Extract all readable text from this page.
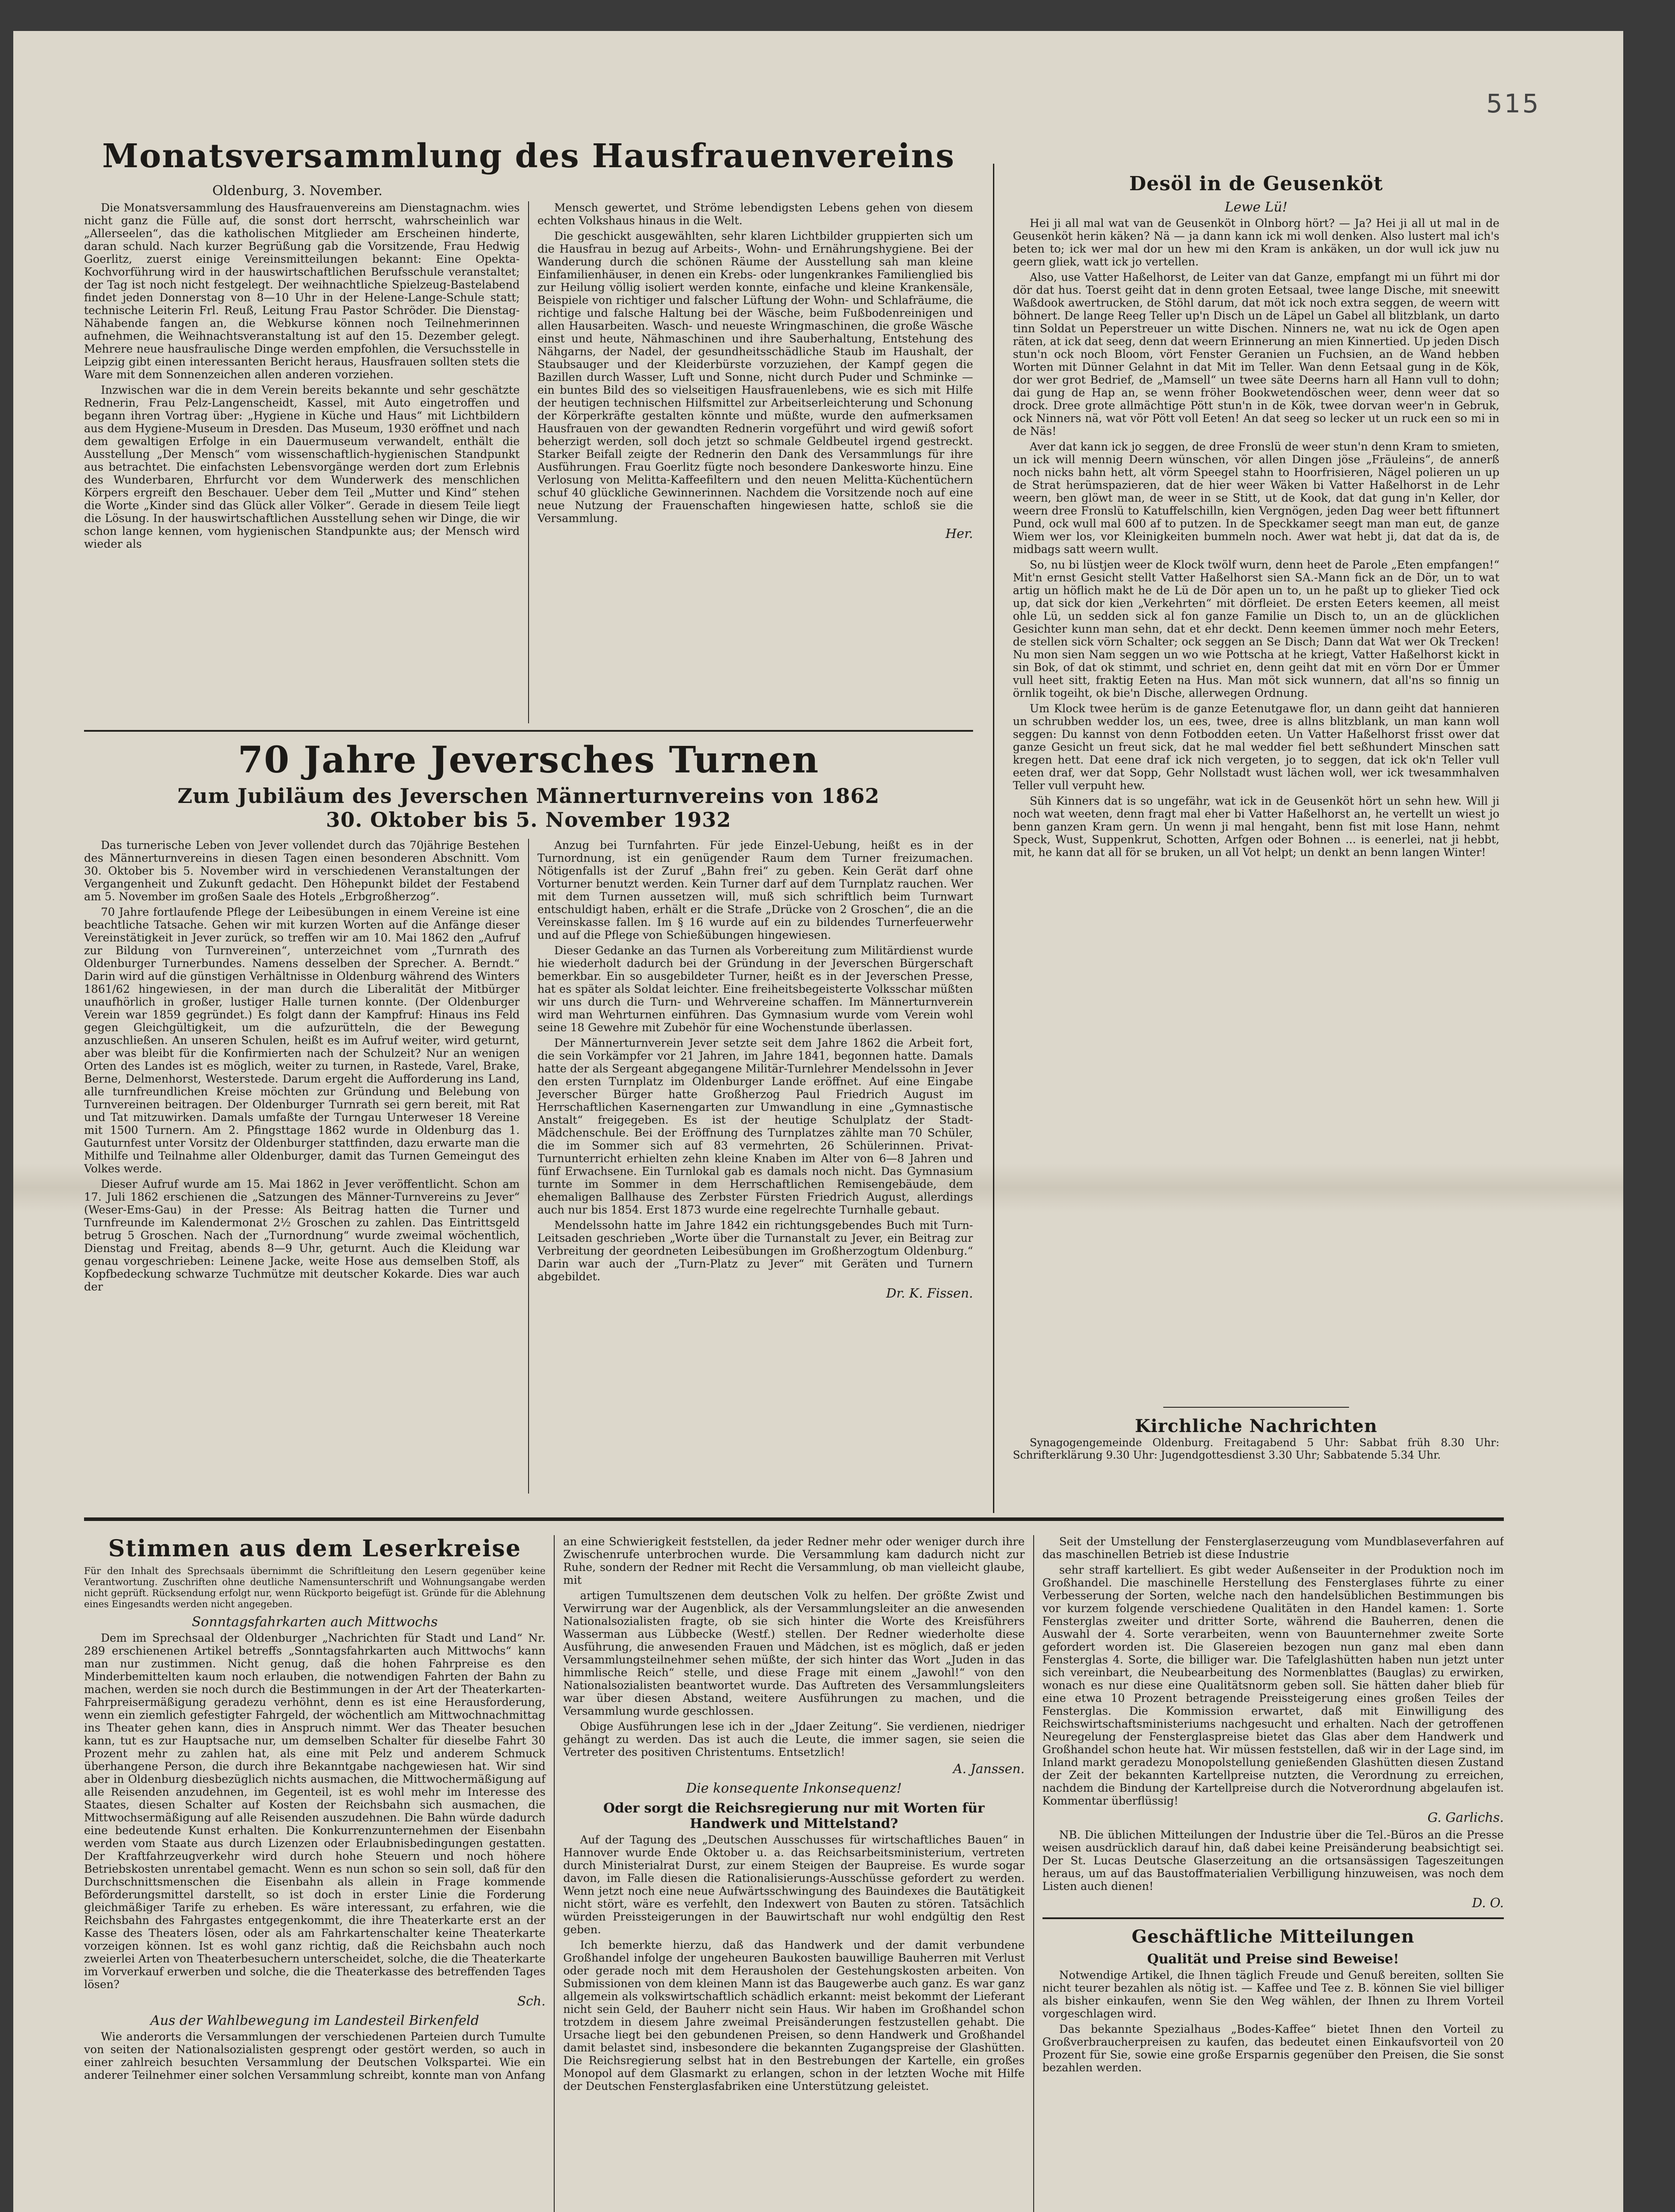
515
Monatsversammlung des Hausfrauenvereins
Oldenburg, 3. November.

Die Monatsversammlung des Hausfrauenvereins am Dienstagnachm. wies nicht ganz die Fülle auf, die sonst dort herrscht, wahrscheinlich war „Allerseelen“, das die katholischen Mitglieder am Erscheinen hinderte, daran schuld. Nach kurzer Begrüßung gab die Vorsitzende, Frau Hedwig Goerlitz, zuerst einige Vereinsmitteilungen bekannt: Eine Opekta-Kochvorführung wird in der hauswirtschaftlichen Berufsschule veranstaltet; der Tag ist noch nicht festgelegt. Der weihnachtliche Spielzeug-Bastelabend findet jeden Donnerstag von 8—10 Uhr in der Helene-Lange-Schule statt; technische Leiterin Frl. Reuß, Leitung Frau Pastor Schröder. Die Dienstag-Nähabende fangen an, die Webkurse können noch Teilnehmerinnen aufnehmen, die Weihnachtsveranstaltung ist auf den 15. Dezember gelegt. Mehrere neue hausfraulische Dinge werden empfohlen, die Versuchsstelle in Leipzig gibt einen interessanten Bericht heraus, Hausfrauen sollten stets die Ware mit dem Sonnenzeichen allen anderen vorziehen.

Inzwischen war die in dem Verein bereits bekannte und sehr geschätzte Rednerin, Frau Pelz-Langenscheidt, Kassel, mit Auto eingetroffen und begann ihren Vortrag über: „Hygiene in Küche und Haus“ mit Lichtbildern aus dem Hygiene-Museum in Dresden. Das Museum, 1930 eröffnet und nach dem gewaltigen Erfolge in ein Dauermuseum verwandelt, enthält die Ausstellung „Der Mensch“ vom wissenschaftlich-hygienischen Standpunkt aus betrachtet. Die einfachsten Lebensvorgänge werden dort zum Erlebnis des Wunderbaren, Ehrfurcht vor dem Wunderwerk des menschlichen Körpers ergreift den Beschauer. Ueber dem Teil „Mutter und Kind“ stehen die Worte „Kinder sind das Glück aller Völker“. Gerade in diesem Teile liegt die Lösung. In der hauswirtschaftlichen Ausstellung sehen wir Dinge, die wir schon lange kennen, vom hygienischen Standpunkte aus; der Mensch wird wieder als

Mensch gewertet, und Ströme lebendigsten Lebens gehen von diesem echten Volkshaus hinaus in die Welt.

Die geschickt ausgewählten, sehr klaren Lichtbilder gruppierten sich um die Hausfrau in bezug auf Arbeits-, Wohn- und Ernährungshygiene. Bei der Wanderung durch die schönen Räume der Ausstellung sah man kleine Einfamilienhäuser, in denen ein Krebs- oder lungenkrankes Familienglied bis zur Heilung völlig isoliert werden konnte, einfache und kleine Krankensäle, Beispiele von richtiger und falscher Lüftung der Wohn- und Schlafräume, die richtige und falsche Haltung bei der Wäsche, beim Fußbodenreinigen und allen Hausarbeiten. Wasch- und neueste Wringmaschinen, die große Wäsche einst und heute, Nähmaschinen und ihre Sauberhaltung, Entstehung des Nähgarns, der Nadel, der gesundheitsschädliche Staub im Haushalt, der Staubsauger und der Kleiderbürste vorzuziehen, der Kampf gegen die Bazillen durch Wasser, Luft und Sonne, nicht durch Puder und Schminke — ein buntes Bild des so vielseitigen Hausfrauenlebens, wie es sich mit Hilfe der heutigen technischen Hilfsmittel zur Arbeitserleichterung und Schonung der Körperkräfte gestalten könnte und müßte, wurde den aufmerksamen Hausfrauen von der gewandten Rednerin vorgeführt und wird gewiß sofort beherzigt werden, soll doch jetzt so schmale Geldbeutel irgend gestreckt. Starker Beifall zeigte der Rednerin den Dank des Versammlungs für ihre Ausführungen. Frau Goerlitz fügte noch besondere Dankesworte hinzu. Eine Verlosung von Melitta-Kaffeefiltern und den neuen Melitta-Küchentüchern schuf 40 glückliche Gewinnerinnen. Nachdem die Vorsitzende noch auf eine neue Nutzung der Frauenschaften hingewiesen hatte, schloß sie die Versammlung.

Her.
70 Jahre Jeversches Turnen
Zum Jubiläum des Jeverschen Männerturnvereins von 1862
30. Oktober bis 5. November 1932

Das turnerische Leben von Jever vollendet durch das 70jährige Bestehen des Männerturnvereins in diesen Tagen einen besonderen Abschnitt. Vom 30. Oktober bis 5. November wird in verschiedenen Veranstaltungen der Vergangenheit und Zukunft gedacht. Den Höhepunkt bildet der Festabend am 5. November im großen Saale des Hotels „Erbgroßherzog“.

70 Jahre fortlaufende Pflege der Leibesübungen in einem Vereine ist eine beachtliche Tatsache. Gehen wir mit kurzen Worten auf die Anfänge dieser Vereinstätigkeit in Jever zurück, so treffen wir am 10. Mai 1862 den „Aufruf zur Bildung von Turnvereinen“, unterzeichnet vom „Turnrath des Oldenburger Turnerbundes. Namens desselben der Sprecher. A. Berndt.“ Darin wird auf die günstigen Verhältnisse in Oldenburg während des Winters 1861/62 hingewiesen, in der man durch die Liberalität der Mitbürger unaufhörlich in großer, lustiger Halle turnen konnte. (Der Oldenburger Verein war 1859 gegründet.) Es folgt dann der Kampfruf: Hinaus ins Feld gegen Gleichgültigkeit, um die aufzurütteln, die der Bewegung anzuschließen. An unseren Schulen, heißt es im Aufruf weiter, wird geturnt, aber was bleibt für die Konfirmierten nach der Schulzeit? Nur an wenigen Orten des Landes ist es möglich, weiter zu turnen, in Rastede, Varel, Brake, Berne, Delmenhorst, Westerstede. Darum ergeht die Aufforderung ins Land, alle turnfreundlichen Kreise möchten zur Gründung und Belebung von Turnvereinen beitragen. Der Oldenburger Turnrath sei gern bereit, mit Rat und Tat mitzuwirken. Damals umfaßte der Turngau Unterweser 18 Vereine mit 1500 Turnern. Am 2. Pfingsttage 1862 wurde in Oldenburg das 1. Gauturnfest unter Vorsitz der Oldenburger stattfinden, dazu erwarte man die Mithilfe und Teilnahme aller Oldenburger, damit das Turnen Gemeingut des Volkes werde.

Dieser Aufruf wurde am 15. Mai 1862 in Jever veröffentlicht. Schon am 17. Juli 1862 erschienen die „Satzungen des Männer-Turnvereins zu Jever“ (Weser-Ems-Gau) in der Presse: Als Beitrag hatten die Turner und Turnfreunde im Kalendermonat 2½ Groschen zu zahlen. Das Eintrittsgeld betrug 5 Groschen. Nach der „Turnordnung“ wurde zweimal wöchentlich, Dienstag und Freitag, abends 8—9 Uhr, geturnt. Auch die Kleidung war genau vorgeschrieben: Leinene Jacke, weite Hose aus demselben Stoff, als Kopfbedeckung schwarze Tuchmütze mit deutscher Kokarde. Dies war auch der

Anzug bei Turnfahrten. Für jede Einzel-Uebung, heißt es in der Turnordnung, ist ein genügender Raum dem Turner freizumachen. Nötigenfalls ist der Zuruf „Bahn frei“ zu geben. Kein Gerät darf ohne Vorturner benutzt werden. Kein Turner darf auf dem Turnplatz rauchen. Wer mit dem Turnen aussetzen will, muß sich schriftlich beim Turnwart entschuldigt haben, erhält er die Strafe „Drücke von 2 Groschen“, die an die Vereinskasse fallen. Im § 16 wurde auf ein zu bildendes Turnerfeuerwehr und auf die Pflege von Schießübungen hingewiesen.

Dieser Gedanke an das Turnen als Vorbereitung zum Militärdienst wurde hie wiederholt dadurch bei der Gründung in der Jeverschen Bürgerschaft bemerkbar. Ein so ausgebildeter Turner, heißt es in der Jeverschen Presse, hat es später als Soldat leichter. Eine freiheitsbegeisterte Volksschar müßten wir uns durch die Turn- und Wehrvereine schaffen. Im Männerturnverein wird man Wehrturnen einführen. Das Gymnasium wurde vom Verein wohl seine 18 Gewehre mit Zubehör für eine Wochenstunde überlassen.

Der Männerturnverein Jever setzte seit dem Jahre 1862 die Arbeit fort, die sein Vorkämpfer vor 21 Jahren, im Jahre 1841, begonnen hatte. Damals hatte der als Sergeant abgegangene Militär-Turnlehrer Mendelssohn in Jever den ersten Turnplatz im Oldenburger Lande eröffnet. Auf eine Eingabe Jeverscher Bürger hatte Großherzog Paul Friedrich August im Herrschaftlichen Kasernengarten zur Umwandlung in eine „Gymnastische Anstalt“ freigegeben. Es ist der heutige Schulplatz der Stadt-Mädchenschule. Bei der Eröffnung des Turnplatzes zählte man 70 Schüler, die im Sommer sich auf 83 vermehrten, 26 Schülerinnen. Privat-Turnunterricht erhielten zehn kleine Knaben im Alter von 6—8 Jahren und fünf Erwachsene. Ein Turnlokal gab es damals noch nicht. Das Gymnasium turnte im Sommer in dem Herrschaftlichen Remisengebäude, dem ehemaligen Ballhause des Zerbster Fürsten Friedrich August, allerdings auch nur bis 1854. Erst 1873 wurde eine regelrechte Turnhalle gebaut.

Mendelssohn hatte im Jahre 1842 ein richtungsgebendes Buch mit Turn-Leitsaden geschrieben „Worte über die Turnanstalt zu Jever, ein Beitrag zur Verbreitung der geordneten Leibesübungen im Großherzogtum Oldenburg.“ Darin war auch der „Turn-Platz zu Jever“ mit Geräten und Turnern abgebildet.

Dr. K. Fissen.
Desöl in de Geusenköt
Lewe Lü!

Hei ji all mal wat van de Geusenköt in Olnborg hört? — Ja? Hei ji all ut mal in de Geusenköt herin käken? Nä — ja dann kann ick mi woll denken. Also lustert mal ich's beten to; ick wer mal dor un hew mi den Kram is ankäken, un dor wull ick juw nu geern gliek, watt ick jo vertellen.

Also, use Vatter Haßelhorst, de Leiter van dat Ganze, empfangt mi un führt mi dor dör dat hus. Toerst geiht dat in denn groten Eetsaal, twee lange Dische, mit sneewitt Waßdook awertrucken, de Stöhl darum, dat möt ick noch extra seggen, de weern witt böhnert. De lange Reeg Teller up'n Disch un de Läpel un Gabel all blitzblank, un darto tinn Soldat un Peperstreuer un witte Dischen. Ninners ne, wat nu ick de Ogen apen räten, at ick dat seeg, denn dat weern Erinnerung an mien Kinnertied. Up jeden Disch stun'n ock noch Bloom, vört Fenster Geranien un Fuchsien, an de Wand hebben Worten mit Dünner Gelahnt in dat Mit im Teller. Wan denn Eetsaal gung in de Kök, dor wer grot Bedrief, de „Mamsell“ un twee säte Deerns harn all Hann vull to dohn; dai gung de Hap an, se wenn fröher Bookwetendöschen weer, denn weer dat so drock. Dree grote allmächtige Pött stun'n in de Kök, twee dorvan weer'n in Gebruk, ock Ninners nä, wat vör Pött voll Eeten! An dat seeg so lecker ut un ruck een so mi in de Näs!

Aver dat kann ick jo seggen, de dree Fronslü de weer stun'n denn Kram to smieten, un ick will mennig Deern wünschen, vör allen Dingen jöse „Fräuleins“, de annerß noch nicks bahn hett, alt vörm Speegel stahn to Hoorfrisieren, Nägel polieren un up de Strat herümspazieren, dat de hier weer Wäken bi Vatter Haßelhorst in de Lehr weern, ben glöwt man, de weer in se Stitt, ut de Kook, dat dat gung in'n Keller, dor weern dree Fronslü to Katuffelschilln, kien Vergnögen, jeden Dag weer bett fiftunnert Pund, ock wull mal 600 af to putzen. In de Speckkamer seegt man man eut, de ganze Wiem wer los, vor Kleinigkeiten bummeln noch. Awer wat hebt ji, dat dat da is, de midbags satt weern wullt.

So, nu bi lüstjen weer de Klock twölf wurn, denn heet de Parole „Eten empfangen!“ Mit'n ernst Gesicht stellt Vatter Haßelhorst sien SA.-Mann fick an de Dör, un to wat artig un höflich makt he de Lü de Dör apen un to, un he paßt up to glieker Tied ock up, dat sick dor kien „Verkehrten“ mit dörfleiet. De ersten Eeters keemen, all meist ohle Lü, un sedden sick al fon ganze Familie un Disch to, un an de glücklichen Gesichter kunn man sehn, dat et ehr deckt. Denn keemen ümmer noch mehr Eeters, de stellen sick vörn Schalter; ock seggen an Se Disch; Dann dat Wat wer Ok Trecken! Nu mon sien Nam seggen un wo wie Pottscha at he kriegt, Vatter Haßelhorst kickt in sin Bok, of dat ok stimmt, und schriet en, denn geiht dat mit en vörn Dor er Ümmer vull heet sitt, fraktig Eeten na Hus. Man möt sick wunnern, dat all'ns so finnig un örnlik togeiht, ok bie'n Dische, allerwegen Ordnung.

Um Klock twee herüm is de ganze Eetenutgawe flor, un dann geiht dat hannieren un schrubben wedder los, un ees, twee, dree is allns blitzblank, un man kann woll seggen: Du kannst von denn Fotbodden eeten. Un Vatter Haßelhorst frisst ower dat ganze Gesicht un freut sick, dat he mal wedder fiel bett seßhundert Minschen satt kregen hett. Dat eene draf ick nich vergeten, jo to seggen, dat ick ok'n Teller vull eeten draf, wer dat Sopp, Gehr Nollstadt wust lächen woll, wer ick twesammhalven Teller vull verpuht hew.

Süh Kinners dat is so ungefähr, wat ick in de Geusenköt hört un sehn hew. Will ji noch wat weeten, denn fragt mal eher bi Vatter Haßelhorst an, he vertellt un wiest jo benn ganzen Kram gern. Un wenn ji mal hengaht, benn fist mit lose Hann, nehmt Speck, Wust, Suppenkrut, Schotten, Arfgen oder Bohnen ... is eenerlei, nat ji hebbt, mit, he kann dat all för se bruken, un all Vot helpt; un denkt an benn langen Winter!

Kirchliche Nachrichten

Synagogengemeinde Oldenburg. Freitagabend 5 Uhr: Sabbat früh 8.30 Uhr: Schrifterklärung 9.30 Uhr: Jugendgottesdienst 3.30 Uhr; Sabbatende 5.34 Uhr.

Stimmen aus dem Leserkreise

Für den Inhalt des Sprechsaals übernimmt die Schriftleitung den Lesern gegenüber keine Verantwortung. Zuschriften ohne deutliche Namensunterschrift und Wohnungsangabe werden nicht geprüft. Rücksendung erfolgt nur, wenn Rückporto beigefügt ist. Gründe für die Ablehnung eines Eingesandts werden nicht angegeben.

Sonntagsfahrkarten auch Mittwochs

Dem im Sprechsaal der Oldenburger „Nachrichten für Stadt und Land“ Nr. 289 erschienenen Artikel betreffs „Sonntagsfahrkarten auch Mittwochs“ kann man nur zustimmen. Nicht genug, daß die hohen Fahrpreise es den Minderbemittelten kaum noch erlauben, die notwendigen Fahrten der Bahn zu machen, werden sie noch durch die Bestimmungen in der Art der Theaterkarten-Fahrpreisermäßigung geradezu verhöhnt, denn es ist eine Herausforderung, wenn ein ziemlich gefestigter Fahrgeld, der wöchentlich am Mittwochnachmittag ins Theater gehen kann, dies in Anspruch nimmt. Wer das Theater besuchen kann, tut es zur Hauptsache nur, um demselben Schalter für dieselbe Fahrt 30 Prozent mehr zu zahlen hat, als eine mit Pelz und anderem Schmuck überhangene Person, die durch ihre Bekanntgabe nachgewiesen hat. Wir sind aber in Oldenburg diesbezüglich nichts ausmachen, die Mittwochermäßigung auf alle Reisenden anzudehnen, im Gegenteil, ist es wohl mehr im Interesse des Staates, diesen Schalter auf Kosten der Reichsbahn sich ausmachen, die Mittwochsermäßigung auf alle Reisenden auszudehnen. Die Bahn würde dadurch eine bedeutende Kunst erhalten. Die Konkurrenzunternehmen der Eisenbahn werden vom Staate aus durch Lizenzen oder Erlaubnisbedingungen gestatten. Der Kraftfahrzeugverkehr wird durch hohe Steuern und noch höhere Betriebskosten unrentabel gemacht. Wenn es nun schon so sein soll, daß für den Durchschnittsmenschen die Eisenbahn als allein in Frage kommende Beförderungsmittel darstellt, so ist doch in erster Linie die Forderung gleichmäßiger Tarife zu erheben. Es wäre interessant, zu erfahren, wie die Reichsbahn des Fahrgastes entgegenkommt, die ihre Theaterkarte erst an der Kasse des Theaters lösen, oder als am Fahrkartenschalter keine Theaterkarte vorzeigen können. Ist es wohl ganz richtig, daß die Reichsbahn auch noch zweierlei Arten von Theaterbesuchern unterscheidet, solche, die die Theaterkarte im Vorverkauf erwerben und solche, die die Theaterkasse des betreffenden Tages lösen?

Sch.
Aus der Wahlbewegung im Landesteil Birkenfeld

Wie anderorts die Versammlungen der verschiedenen Parteien durch Tumulte von seiten der Nationalsozialisten gesprengt oder gestört werden, so auch in einer zahlreich besuchten Versammlung der Deutschen Volkspartei. Wie ein anderer Teilnehmer einer solchen Versammlung schreibt, konnte man von Anfang an eine Schwierigkeit feststellen, da jeder Redner mehr oder weniger durch ihre Zwischenrufe unterbrochen wurde. Die Versammlung kam dadurch nicht zur Ruhe, sondern der Redner mit Recht die Versammlung, ob man vielleicht glaube, mit

artigen Tumultszenen dem deutschen Volk zu helfen. Der größte Zwist und Verwirrung war der Augenblick, als der Versammlungsleiter an die anwesenden Nationalsozialisten fragte, ob sie sich hinter die Worte des Kreisführers Wasserman aus Lübbecke (Westf.) stellen. Der Redner wiederholte diese Ausführung, die anwesenden Frauen und Mädchen, ist es möglich, daß er jeden Versammlungsteilnehmer sehen müßte, der sich hinter das Wort „Juden in das himmlische Reich“ stelle, und diese Frage mit einem „Jawohl!“ von den Nationalsozialisten beantwortet wurde. Das Auftreten des Versammlungsleiters war über diesen Abstand, weitere Ausführungen zu machen, und die Versammlung wurde geschlossen.

Obige Ausführungen lese ich in der „Jdaer Zeitung“. Sie verdienen, niedriger gehängt zu werden. Das ist auch die Leute, die immer sagen, sie seien die Vertreter des positiven Christentums. Entsetzlich!

A. Janssen.
Die konsequente Inkonsequenz!
Oder sorgt die Reichsregierung nur mit Worten für Handwerk und Mittelstand?

Auf der Tagung des „Deutschen Ausschusses für wirtschaftliches Bauen“ in Hannover wurde Ende Oktober u. a. das Reichsarbeitsministerium, vertreten durch Ministerialrat Durst, zur einem Steigen der Baupreise. Es wurde sogar davon, im Falle diesen die Rationalisierungs-Ausschüsse gefordert zu werden. Wenn jetzt noch eine neue Aufwärtsschwingung des Bauindexes die Bautätigkeit nicht stört, wäre es verfehlt, den Indexwert von Bauten zu stören. Tatsächlich würden Preissteigerungen in der Bauwirtschaft nur wohl endgültig den Rest geben.

Ich bemerkte hierzu, daß das Handwerk und der damit verbundene Großhandel infolge der ungeheuren Baukosten bauwillige Bauherren mit Verlust oder gerade noch mit dem Herausholen der Gestehungskosten arbeiten. Von Submissionen von dem kleinen Mann ist das Baugewerbe auch ganz. Es war ganz allgemein als volkswirtschaftlich schädlich erkannt: meist bekommt der Lieferant nicht sein Geld, der Bauherr nicht sein Haus. Wir haben im Großhandel schon trotzdem in diesem Jahre zweimal Preisänderungen festzustellen gehabt. Die Ursache liegt bei den gebundenen Preisen, so denn Handwerk und Großhandel damit belastet sind, insbesondere die bekannten Zugangspreise der Glashütten. Die Reichsregierung selbst hat in den Bestrebungen der Kartelle, ein großes Monopol auf dem Glasmarkt zu erlangen, schon in der letzten Woche mit Hilfe der Deutschen Fensterglasfabriken eine Unterstützung geleistet.

Seit der Umstellung der Fensterglaserzeugung vom Mundblaseverfahren auf das maschinellen Betrieb ist diese Industrie

sehr straff kartelliert. Es gibt weder Außenseiter in der Produktion noch im Großhandel. Die maschinelle Herstellung des Fensterglases führte zu einer Verbesserung der Sorten, welche nach den handelsüblichen Bestimmungen bis vor kurzem folgende verschiedene Qualitäten in den Handel kamen: 1. Sorte Fensterglas zweiter und dritter Sorte, während die Bauherren, denen die Auswahl der 4. Sorte verarbeiten, wenn von Bauunternehmer zweite Sorte gefordert worden ist. Die Glasereien bezogen nun ganz mal eben dann Fensterglas 4. Sorte, die billiger war. Die Tafelglashütten haben nun jetzt unter sich vereinbart, die Neubearbeitung des Normenblattes (Bauglas) zu erwirken, wonach es nur diese eine Qualitätsnorm geben soll. Sie hätten daher blieb für eine etwa 10 Prozent betragende Preissteigerung eines großen Teiles der Fensterglas. Die Kommission erwartet, daß mit Einwilligung des Reichswirtschaftsministeriums nachgesucht und erhalten. Nach der getroffenen Neuregelung der Fensterglaspreise bietet das Glas aber dem Handwerk und Großhandel schon heute hat. Wir müssen feststellen, daß wir in der Lage sind, im Inland markt geradezu Monopolstellung genießenden Glashütten diesen Zustand der Zeit der bekannten Kartellpreise nutzten, die Verordnung zu erreichen, nachdem die Bindung der Kartellpreise durch die Notverordnung abgelaufen ist. Kommentar überflüssig!

G. Garlichs.

NB. Die üblichen Mitteilungen der Industrie über die Tel.-Büros an die Presse weisen ausdrücklich darauf hin, daß dabei keine Preisänderung beabsichtigt sei. Der St. Lucas Deutsche Glaserzeitung an die ortsansässigen Tageszeitungen heraus, um auf das Baustoffmaterialien Verbilligung hinzuweisen, was noch dem Listen auch dienen!

D. O.
Geschäftliche Mitteilungen
Qualität und Preise sind Beweise!

Notwendige Artikel, die Ihnen täglich Freude und Genuß bereiten, sollten Sie nicht teurer bezahlen als nötig ist. — Kaffee und Tee z. B. können Sie viel billiger als bisher einkaufen, wenn Sie den Weg wählen, der Ihnen zu Ihrem Vorteil vorgeschlagen wird.

Das bekannte Spezialhaus „Bodes-Kaffee“ bietet Ihnen den Vorteil zu Großverbraucherpreisen zu kaufen, das bedeutet einen Einkaufsvorteil von 20 Prozent für Sie, sowie eine große Ersparnis gegenüber den Preisen, die Sie sonst bezahlen werden.
